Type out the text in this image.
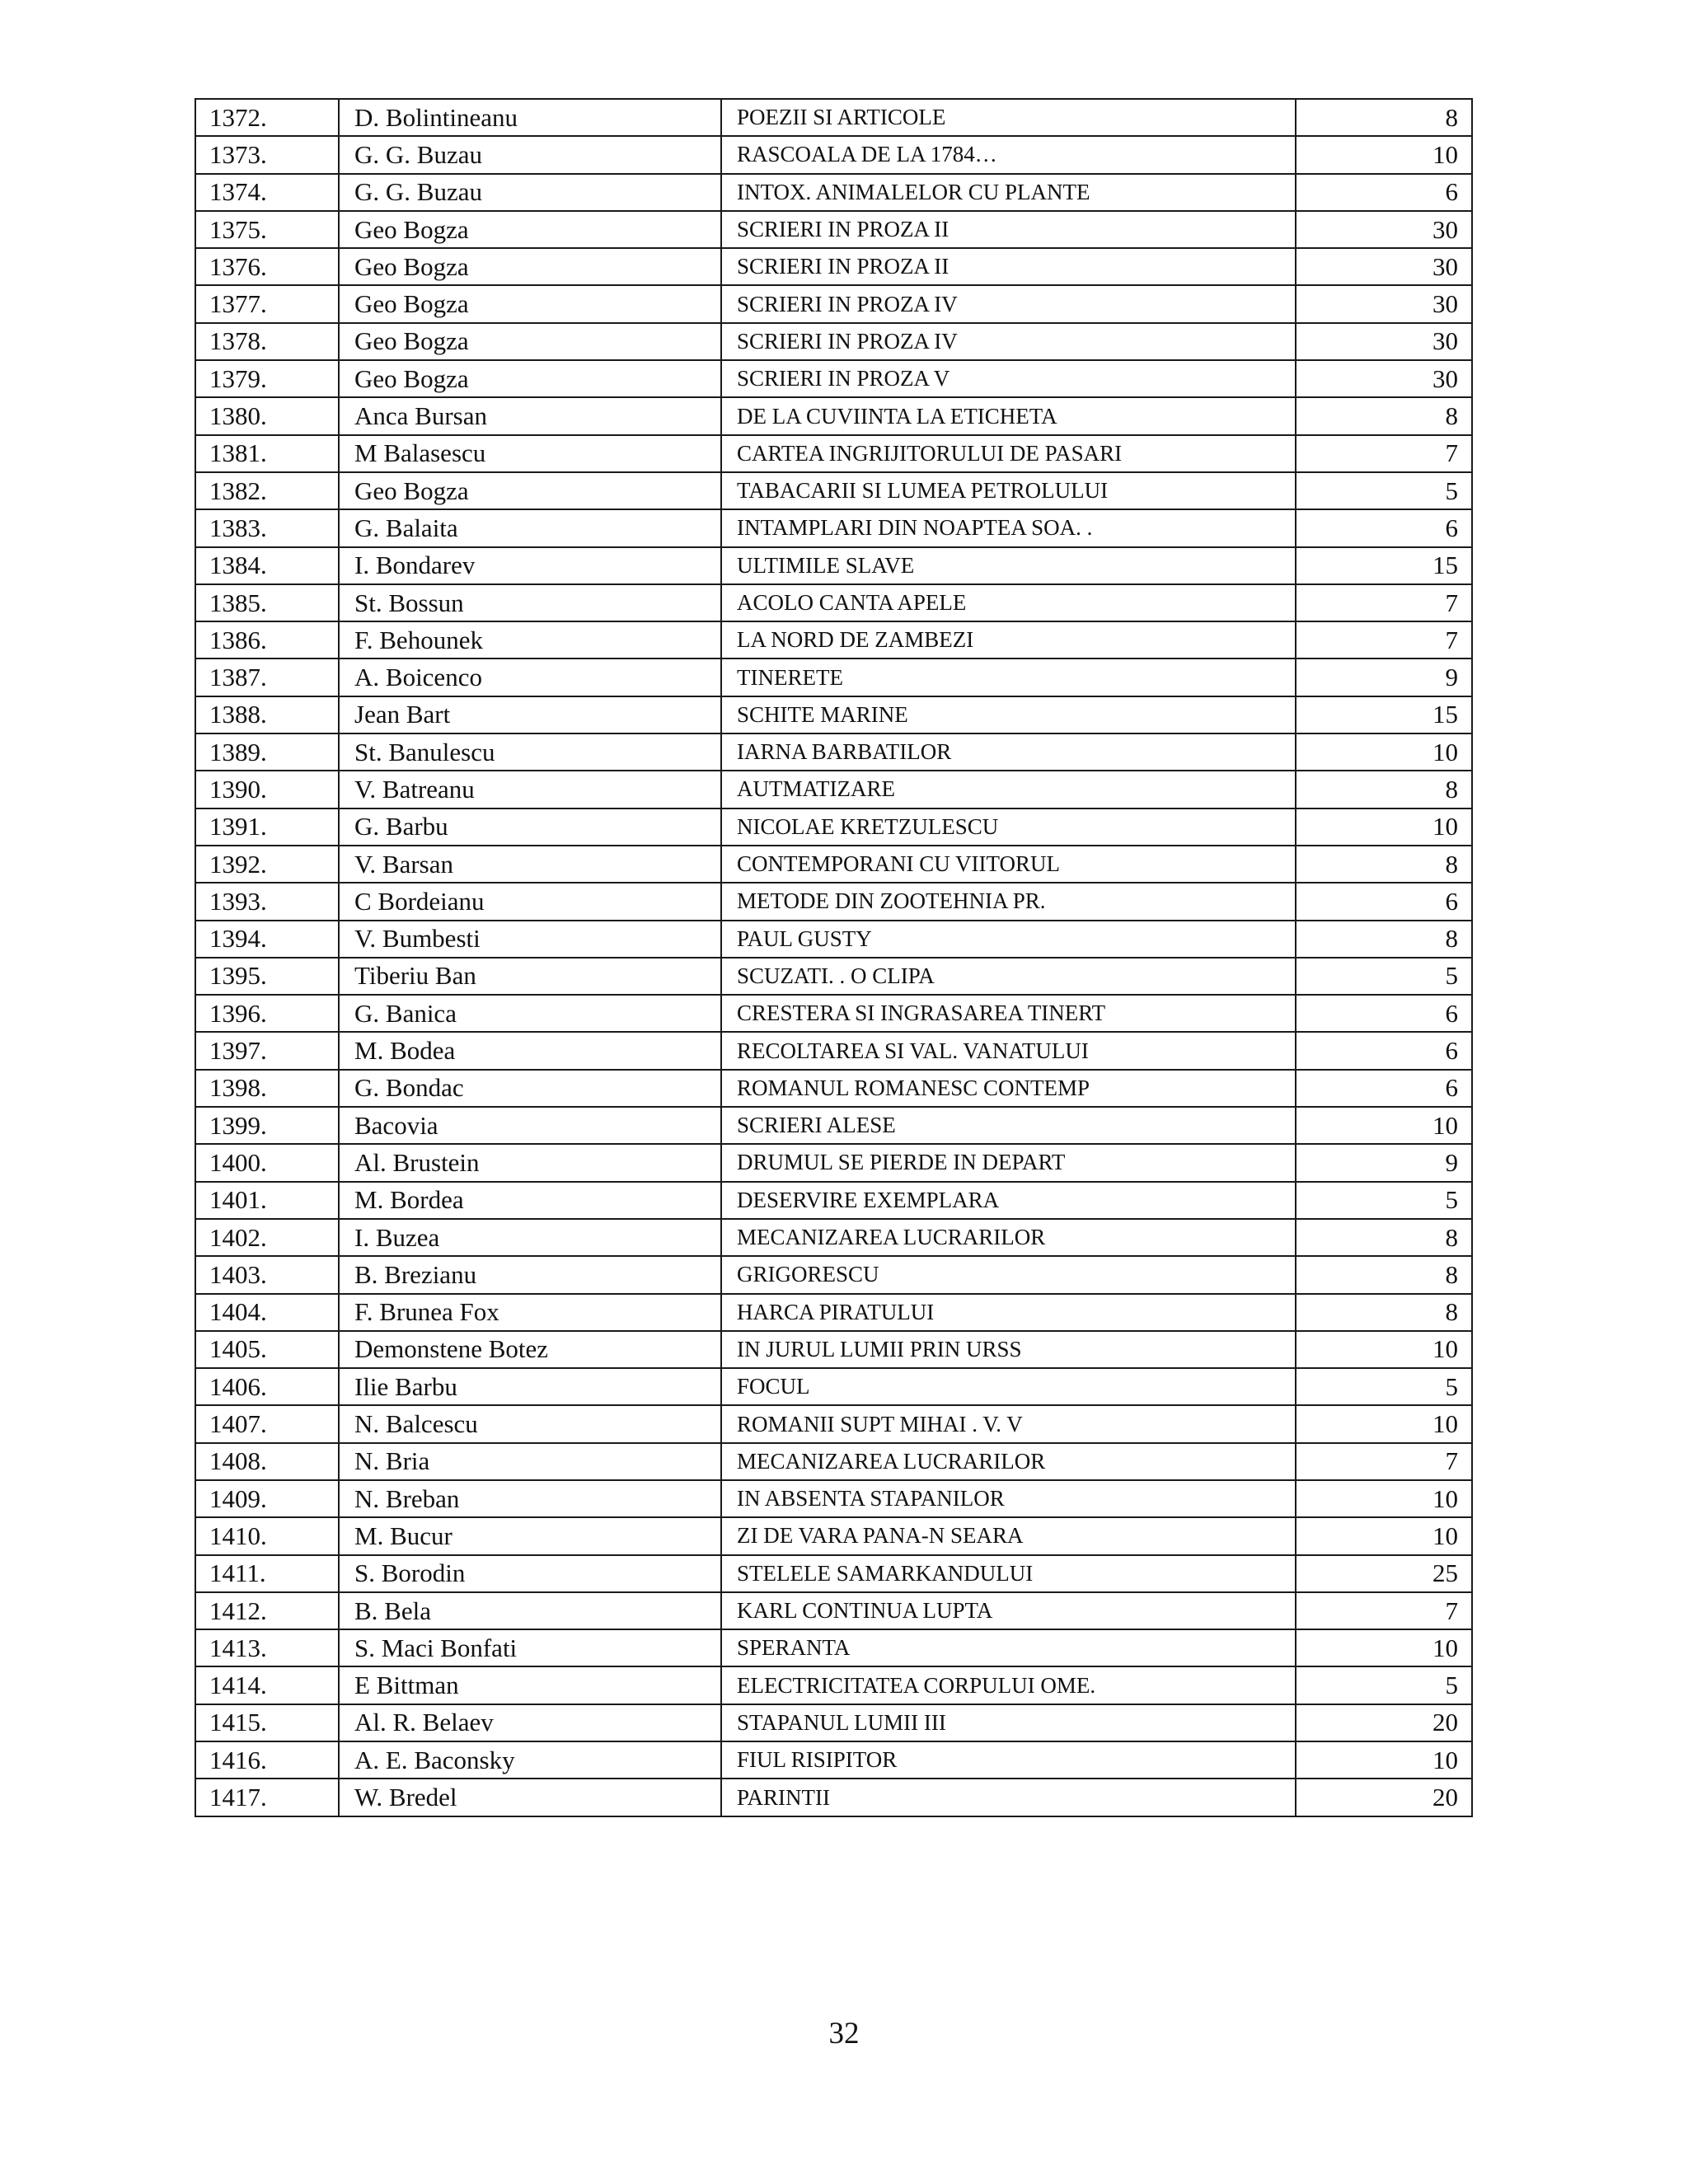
1372.	D. Bolintineanu	POEZII SI ARTICOLE	8
1373.	G. G. Buzau	RASCOALA DE LA 1784…	10
1374.	G. G. Buzau	INTOX. ANIMALELOR CU PLANTE	6
1375.	Geo Bogza	SCRIERI IN PROZA II	30
1376.	Geo Bogza	SCRIERI IN PROZA II	30
1377.	Geo Bogza	SCRIERI IN PROZA IV	30
1378.	Geo Bogza	SCRIERI IN PROZA IV	30
1379.	Geo Bogza	SCRIERI IN PROZA V	30
1380.	Anca Bursan	DE LA CUVIINTA LA ETICHETA	8
1381.	M Balasescu	CARTEA INGRIJITORULUI DE PASARI	7
1382.	Geo Bogza	TABACARII SI LUMEA PETROLULUI	5
1383.	G. Balaita	INTAMPLARI DIN NOAPTEA SOA. .	6
1384.	I. Bondarev	ULTIMILE SLAVE	15
1385.	St. Bossun	ACOLO CANTA APELE	7
1386.	F. Behounek	LA NORD DE ZAMBEZI	7
1387.	A. Boicenco	TINERETE	9
1388.	Jean Bart	SCHITE MARINE	15
1389.	St. Banulescu	IARNA BARBATILOR	10
1390.	V. Batreanu	AUTMATIZARE	8
1391.	G. Barbu	NICOLAE KRETZULESCU	10
1392.	V. Barsan	CONTEMPORANI CU VIITORUL	8
1393.	C Bordeianu	METODE DIN ZOOTEHNIA PR.	6
1394.	V. Bumbesti	PAUL GUSTY	8
1395.	Tiberiu Ban	SCUZATI. . O CLIPA	5
1396.	G. Banica	CRESTERA SI INGRASAREA TINERT	6
1397.	M. Bodea	RECOLTAREA SI VAL. VANATULUI	6
1398.	G. Bondac	ROMANUL ROMANESC CONTEMP	6
1399.	Bacovia	SCRIERI ALESE	10
1400.	Al. Brustein	DRUMUL SE PIERDE IN DEPART	9
1401.	M. Bordea	DESERVIRE EXEMPLARA	5
1402.	I. Buzea	MECANIZAREA LUCRARILOR	8
1403.	B. Brezianu	GRIGORESCU	8
1404.	F. Brunea Fox	HARCA PIRATULUI	8
1405.	Demonstene Botez	IN JURUL LUMII PRIN URSS	10
1406.	Ilie Barbu	FOCUL	5
1407.	N. Balcescu	ROMANII SUPT MIHAI . V. V	10
1408.	N. Bria	MECANIZAREA LUCRARILOR	7
1409.	N. Breban	IN ABSENTA STAPANILOR	10
1410.	M. Bucur	ZI DE VARA PANA-N SEARA	10
1411.	S. Borodin	STELELE SAMARKANDULUI	25
1412.	B. Bela	KARL CONTINUA LUPTA	7
1413.	S. Maci Bonfati	SPERANTA	10
1414.	E Bittman	ELECTRICITATEA CORPULUI OME.	5
1415.	Al. R. Belaev	STAPANUL LUMII III	20
1416.	A. E. Baconsky	FIUL RISIPITOR	10
1417.	W. Bredel	PARINTII	20
32
